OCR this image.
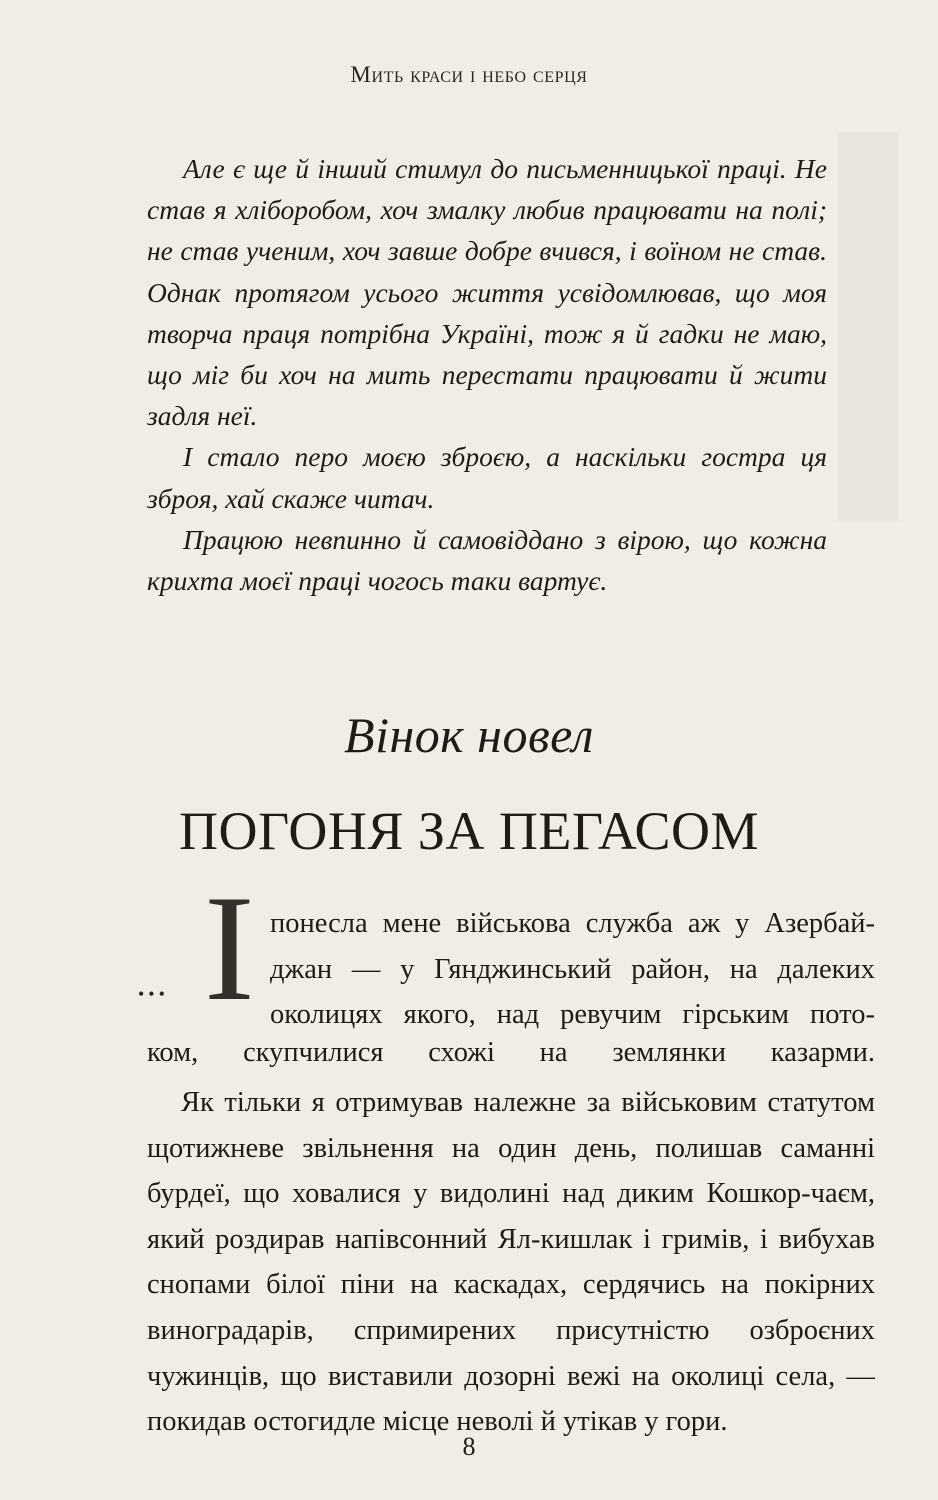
Мить краси і небо серця

Але є ще й інший стимул до письменницької праці. Не став я хліборобом, хоч змалку любив працювати на полі; не став ученим, хоч завше добре вчився, і воїном не став. Однак протягом усього життя усвідомлював, що моя творча праця потрібна Україні, тож я й гадки не маю, що міг би хоч на мить перестати працювати й жити задля неї.

І стало перо моєю зброєю, а наскільки гостра ця зброя, хай скаже читач.

Працюю невпинно й самовіддано з вірою, що кожна крихта моєї праці чогось таки вартує.

Вінок новел
ПОГОНЯ ЗА ПЕГАСОМ
••• І понесла мене військова служба аж у Азербай-
джан — у Гянджинський район, на далеких
околицях якого, над ревучим гірським пото-
ком, скупчилися схожі на землянки казарми.

Як тільки я отримував належне за військовим статутом щотижневе звільнення на один день, полишав саманні бурдеї, що ховалися у видолині над диким Кошкор-чаєм, який роздирав напівсонний Ял-кишлак і гримів, і вибухав снопами білої піни на каскадах, сердячись на покірних виноградарів, спримирених присутністю озброєних чужинців, що виставили дозорні вежі на околиці села, — покидав остогидле місце неволі й утікав у гори.

8
